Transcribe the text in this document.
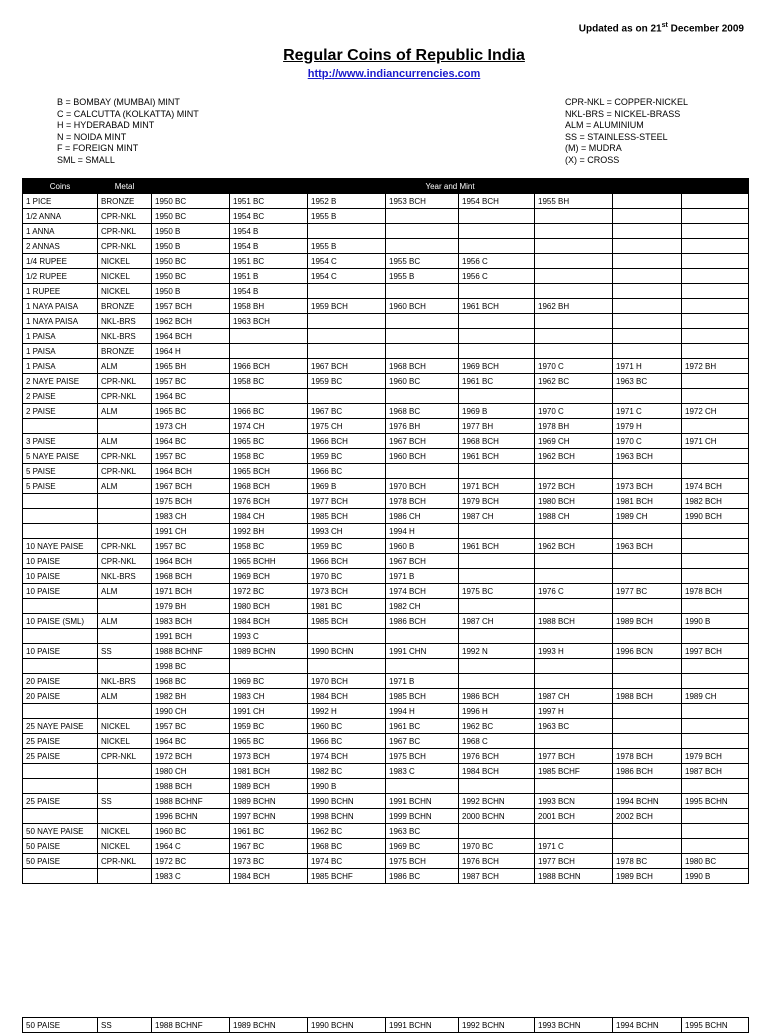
Updated as on 21st December 2009
Regular Coins of Republic India
http://www.indiancurrencies.com
B = BOMBAY (MUMBAI) MINT
C = CALCUTTA (KOLKATTA) MINT
H = HYDERABAD MINT
N = NOIDA MINT
F = FOREIGN MINT
SML = SMALL
CPR-NKL = COPPER-NICKEL
NKL-BRS = NICKEL-BRASS
ALM = ALUMINIUM
SS = STAINLESS-STEEL
(M) = MUDRA
(X) = CROSS
Coins	Metal	Year and Mint							
1 PICE	BRONZE	1950 BC	1951 BC	1952 B	1953 BCH	1954 BCH	1955 BH		
1/2 ANNA	CPR-NKL	1950 BC	1954 BC	1955 B					
1 ANNA	CPR-NKL	1950 B	1954 B						
2 ANNAS	CPR-NKL	1950 B	1954 B	1955 B					
1/4 RUPEE	NICKEL	1950 BC	1951 BC	1954 C	1955 BC	1956 C			
1/2 RUPEE	NICKEL	1950 BC	1951 B	1954 C	1955 B	1956 C			
1 RUPEE	NICKEL	1950 B	1954 B						
1 NAYA PAISA	BRONZE	1957 BCH	1958 BH	1959 BCH	1960 BCH	1961 BCH	1962 BH		
1 NAYA PAISA	NKL-BRS	1962 BCH	1963 BCH						
1 PAISA	NKL-BRS	1964 BCH							
1 PAISA	BRONZE	1964 H							
1 PAISA	ALM	1965 BH	1966 BCH	1967 BCH	1968 BCH	1969 BCH	1970 C	1971 H	1972 BH
2 NAYE PAISE	CPR-NKL	1957 BC	1958 BC	1959 BC	1960 BC	1961 BC	1962 BC	1963 BC	
2 PAISE	CPR-NKL	1964 BC							
2 PAISE	ALM	1965 BC	1966 BC	1967 BC	1968 BC	1969 B	1970 C	1971 C	1972 CH
		1973 CH	1974 CH	1975 CH	1976 BH	1977 BH	1978 BH	1979 H	
3 PAISE	ALM	1964 BC	1965 BC	1966 BCH	1967 BCH	1968 BCH	1969 CH	1970 C	1971 CH
5 NAYE PAISE	CPR-NKL	1957 BC	1958 BC	1959 BC	1960 BCH	1961 BCH	1962 BCH	1963 BCH	
5 PAISE	CPR-NKL	1964 BCH	1965 BCH	1966 BC					
5 PAISE	ALM	1967 BCH	1968 BCH	1969 B	1970 BCH	1971 BCH	1972 BCH	1973 BCH	1974 BCH
		1975 BCH	1976 BCH	1977 BCH	1978 BCH	1979 BCH	1980 BCH	1981 BCH	1982 BCH
		1983 CH	1984 CH	1985 BCH	1986 CH	1987 CH	1988 CH	1989 CH	1990 BCH
		1991 CH	1992 BH	1993 CH	1994 H				
10 NAYE PAISE	CPR-NKL	1957 BC	1958 BC	1959 BC	1960 B	1961 BCH	1962 BCH	1963 BCH	
10 PAISE	CPR-NKL	1964 BCH	1965 BCHH	1966 BCH	1967 BCH				
10 PAISE	NKL-BRS	1968 BCH	1969 BCH	1970 BC	1971 B				
10 PAISE	ALM	1971 BCH	1972 BC	1973 BCH	1974 BCH	1975 BC	1976 C	1977 BC	1978 BCH
		1979 BH	1980 BCH	1981 BC	1982 CH				
10 PAISE (SML)	ALM	1983 BCH	1984 BCH	1985 BCH	1986 BCH	1987 CH	1988 BCH	1989 BCH	1990 B
		1991 BCH	1993 C						
10 PAISE	SS	1988 BCHNF	1989 BCHN	1990 BCHN	1991 CHN	1992 N	1993 H	1996 BCN	1997 BCH
		1998 BC							
20 PAISE	NKL-BRS	1968 BC	1969 BC	1970 BCH	1971 B				
20 PAISE	ALM	1982 BH	1983 CH	1984 BCH	1985 BCH	1986 BCH	1987 CH	1988 BCH	1989 CH
		1990 CH	1991 CH	1992 H	1994 H	1996 H	1997 H		
25 NAYE PAISE	NICKEL	1957 BC	1959 BC	1960 BC	1961 BC	1962 BC	1963 BC		
25 PAISE	NICKEL	1964 BC	1965 BC	1966 BC	1967 BC	1968 C			
25 PAISE	CPR-NKL	1972 BCH	1973 BCH	1974 BCH	1975 BCH	1976 BCH	1977 BCH	1978 BCH	1979 BCH
		1980 CH	1981 BCH	1982 BC	1983 C	1984 BCH	1985 BCHF	1986 BCH	1987 BCH
		1988 BCH	1989 BCH	1990 B					
25 PAISE	SS	1988 BCHNF	1989 BCHN	1990 BCHN	1991 BCHN	1992 BCHN	1993 BCN	1994 BCHN	1995 BCHN
		1996 BCHN	1997 BCHN	1998 BCHN	1999 BCHN	2000 BCHN	2001 BCH	2002 BCH	
50 NAYE PAISE	NICKEL	1960 BC	1961 BC	1962 BC	1963 BC				
50 PAISE	NICKEL	1964 C	1967 BC	1968 BC	1969 BC	1970 BC	1971 C		
50 PAISE	CPR-NKL	1972 BC	1973 BC	1974 BC	1975 BCH	1976 BCH	1977 BCH	1978 BC	1980 BC
		1983 C	1984 BCH	1985 BCHF	1986 BC	1987 BCH	1988 BCHN	1989 BCH	1990 B
50 PAISE	SS	1988 BCHNF	1989 BCHN	1990 BCHN	1991 BCHN	1992 BCHN	1993 BCHN	1994 BCHN	1995 BCHN
